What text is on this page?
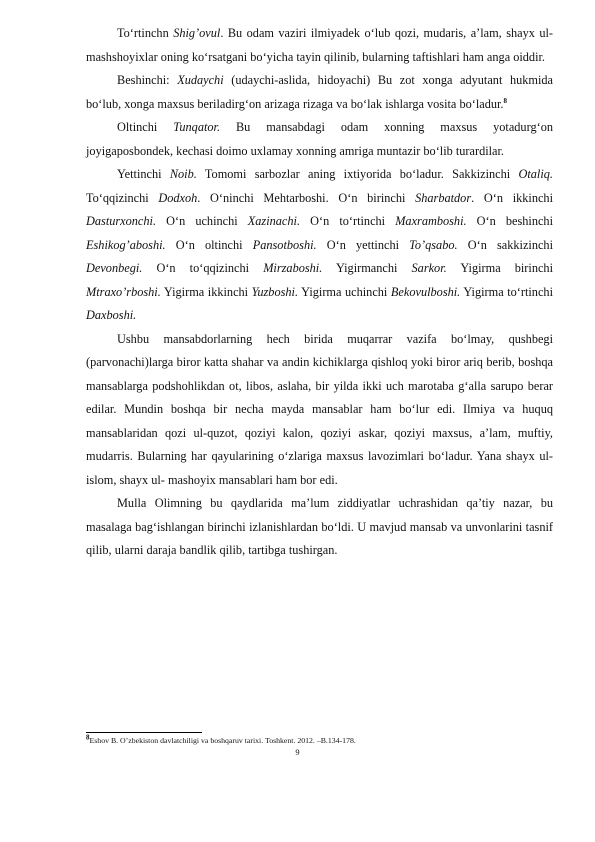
To‘rtinchn Shig’ovul. Bu odam vaziri ilmiyadek o‘lub qozi, mudaris, a’lam, shayx ul-mashshoyixlar oning ko‘rsatgani bo‘yicha tayin qilinib, bularning taftishlari ham anga oiddir.

Beshinchi: Xudaychi (udaychi-aslida, hidoyachi) Bu zot xonga adyutant hukmida bo‘lub, xonga maxsus beriladirg‘on arizaga rizaga va bo‘lak ishlarga vosita bo‘ladur.$^8$

Oltinchi Tunqator. Bu mansabdagi odam xonning maxsus yotadurg‘on joyigaposbondek, kechasi doimo uxlamay xonning amriga muntazir bo‘lib turardilar.

Yettinchi Noib. Tomomi sarbozlar aning ixtiyorida bo‘ladur. Sakkizinchi Otaliq. To‘qqizinchi Dodxoh. O‘ninchi Mehtarboshi. O‘n birinchi Sharbatdor. O‘n ikkinchi Dasturxonchi. O‘n uchinchi Xazinachi. O‘n to‘rtinchi Maxramboshi. O‘n beshinchi Eshikog’aboshi. O‘n oltinchi Pansotboshi. O‘n yettinchi To’qsabo. O‘n sakkizinchi Devonbegi. O‘n to‘qqizinchi Mirzaboshi. Yigirmanchi Sarkor. Yigirma birinchi Mtraxo’rboshi. Yigirma ikkinchi Yuzboshi. Yigirma uchinchi Bekovulboshi. Yigirma to‘rtinchi Daxboshi.

Ushbu mansabdorlarning hech birida muqarrar vazifa bo‘lmay, qushbegi (parvonachi)larga biror katta shahar va andin kichiklarga qishloq yoki biror ariq berib, boshqa mansablarga podshohlikdan ot, libos, aslaha, bir yilda ikki uch marotaba g‘alla sarupo berar edilar. Mundin boshqa bir necha mayda mansablar ham bo‘lur edi. Ilmiya va huquq mansablaridan qozi ul-quzot, qoziyi kalon, qoziyi askar, qoziyi maxsus, a’lam, muftiy, mudarris. Bularning har qayularining o‘zlariga maxsus lavozimlari bo‘ladur. Yana shayx ul-islom, shayx ul- mashoyix mansablari ham bor edi.

Mulla Olimning bu qaydlarida ma’lum ziddiyatlar uchrashidan qa’tiy nazar, bu masalaga bag‘ishlangan birinchi izlanishlardan bo‘ldi. U mavjud mansab va unvonlarini tasnif qilib, ularni daraja bandlik qilib, tartibga tushirgan.

$^8$Eshov B. O’zbekiston davlatchiligi va boshqaruv tarixi. Toshkent. 2012. –B.134-178.
9
